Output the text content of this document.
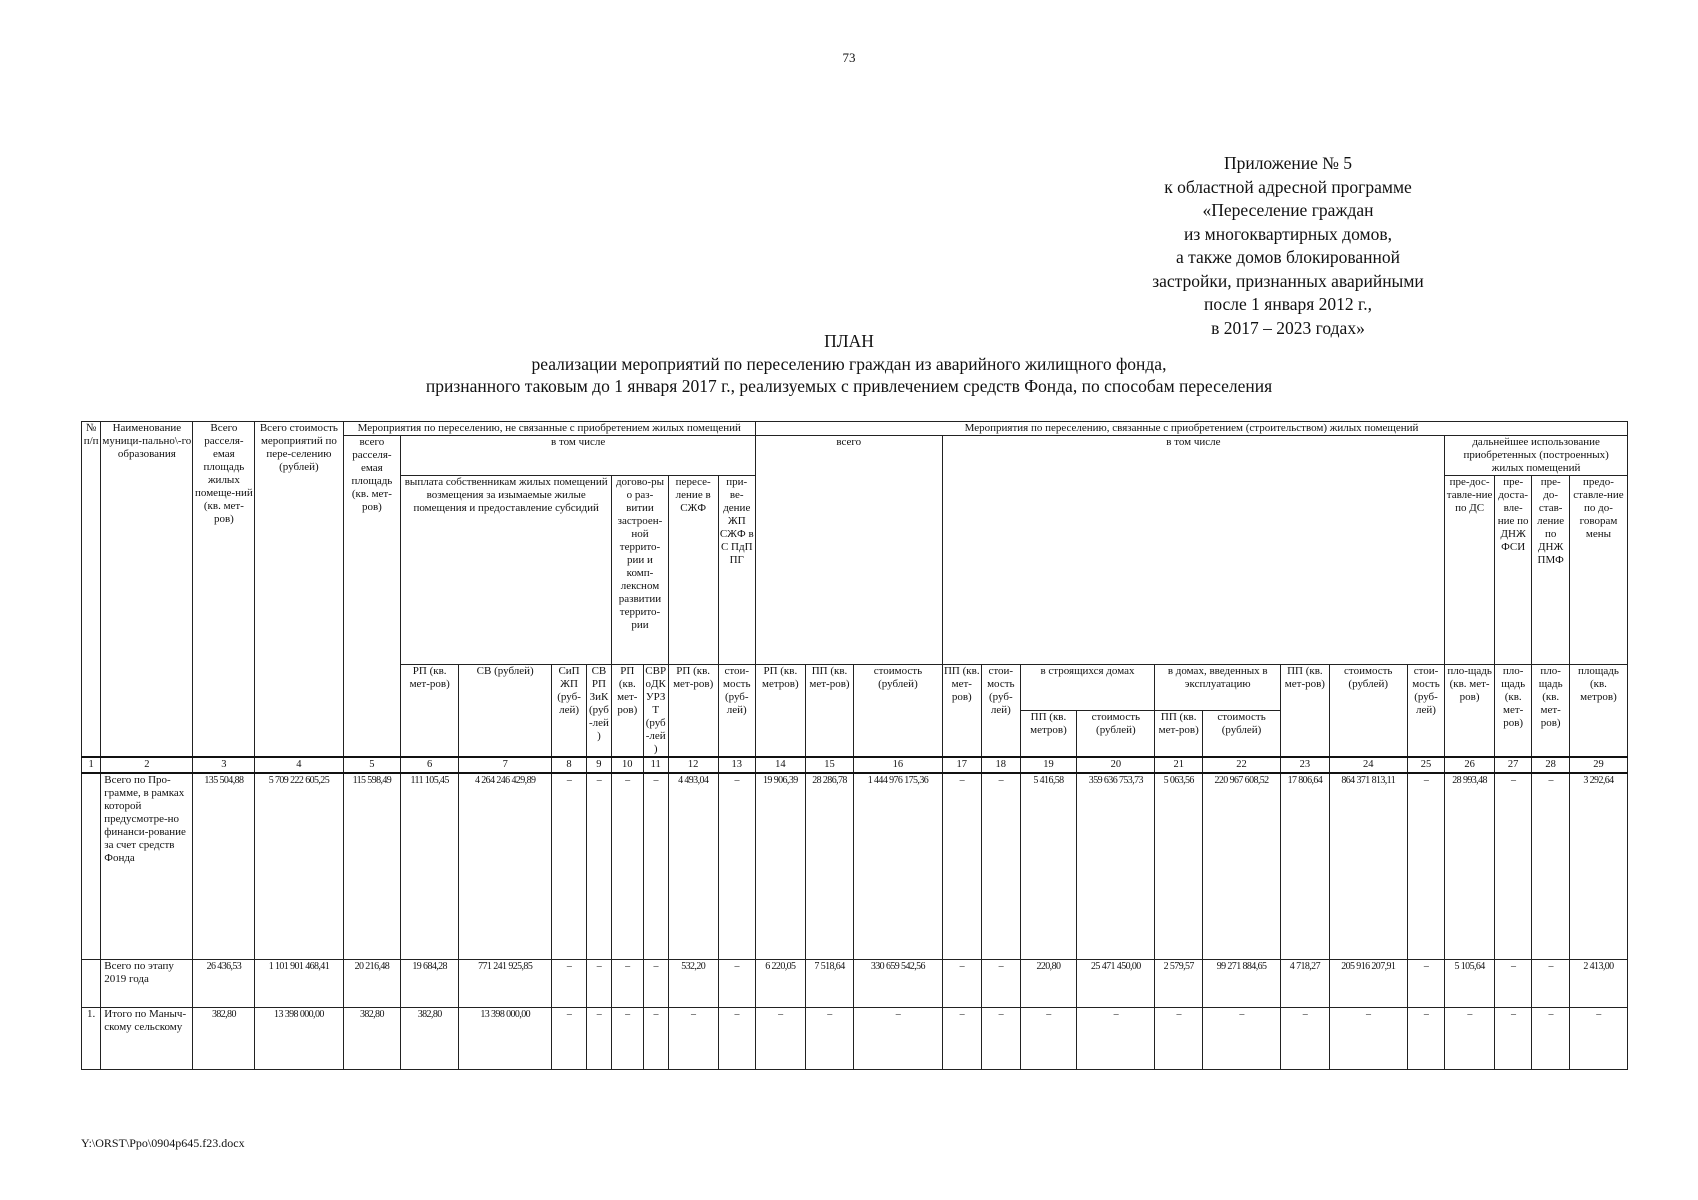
73
Приложение № 5
к областной адресной программе
«Переселение граждан
из многоквартирных домов,
а также домов блокированной
застройки, признанных аварийными
после 1 января 2012 г.,
в 2017 – 2023 годах»
ПЛАН
реализации мероприятий по переселению граждан из аварийного жилищного фонда,
признанного таковым до 1 января 2017 г., реализуемых с привлечением средств Фонда, по способам переселения
№ п/п	Наименование муници-пально\-го образования	Всего расселя-емая площадь жилых помеще-ний (кв. мет-ров)	Всего стоимость мероприятий по пере-селению (рублей)	Мероприятия по переселению, не связанные с приобретением жилых помещений									Мероприятия по переселению, связанные с приобретением (строительством) жилых помещений															
				всего расселя-емая площадь (кв. мет-ров)	в том числе								всего			в том числе									дальнейшее использование приобретенных (построенных) жилых помещений			
					выплата собственникам жилых помещений возмещения за изымаемые жилые помещения и предоставление субсидий				догово-ры о раз-витии застроен-ной террито-рии и комп-лексном развитии террито-рии		пересе-ление в СЖФ	при-ве-дение ЖП СЖФ в С ПдП ПГ													пре-дос-тавле-ние по ДС	пре-доста-вле-ние по ДНЖ ФСИ	пре-до-став-ление по ДНЖ ПМФ	предо-ставле-ние по до-говорам мены
					РП (кв. мет-ров)	СВ (рублей)	СиП ЖП (руб-лей)	СВ РП ЗиК (руб-лей)	РП (кв. мет-ров)	СВР оДК УРЗ Т (руб-лей)	РП (кв. мет-ров)	стои-мость (руб-лей)	РП (кв. метров)	ПП (кв. мет-ров)	стоимость (рублей)	ПП (кв. мет-ров)	стои-мость (руб-лей)	в строящихся домах		в домах, введенных в эксплуатацию		ПП (кв. мет-ров)	стоимость (рублей)	стои-мость (руб-лей)	пло-щадь (кв. мет-ров)	пло-щадь (кв. мет-ров)	пло-щадь (кв. мет-ров)	площадь (кв. метров)
																		ПП (кв. метров)	стоимость (рублей)	ПП (кв. мет-ров)	стоимость (рублей)							
1	2	3	4	5	6	7	8	9	10	11	12	13	14	15	16	17	18	19	20	21	22	23	24	25	26	27	28	29
	Всего по Про-грамме, в рамках которой предусмотре-но финанси-рование за счет средств Фонда	135 504,88	5 709 222 605,25	115 598,49	111 105,45	4 264 246 429,89	–	–	–	–	4 493,04	–	19 906,39	28 286,78	1 444 976 175,36	–	–	5 416,58	359 636 753,73	5 063,56	220 967 608,52	17 806,64	864 371 813,11	–	28 993,48	–	–	3 292,64
	Всего по этапу 2019 года	26 436,53	1 101 901 468,41	20 216,48	19 684,28	771 241 925,85	–	–	–	–	532,20	–	6 220,05	7 518,64	330 659 542,56	–	–	220,80	25 471 450,00	2 579,57	99 271 884,65	4 718,27	205 916 207,91	–	5 105,64	–	–	2 413,00
1.	Итого по Маныч-скому сельскому	382,80	13 398 000,00	382,80	382,80	13 398 000,00	–	–	–	–	–	–	–	–	–	–	–	–	–	–	–	–	–	–	–	–	–	–
Y:\ORST\Ppo\0904p645.f23.docx
